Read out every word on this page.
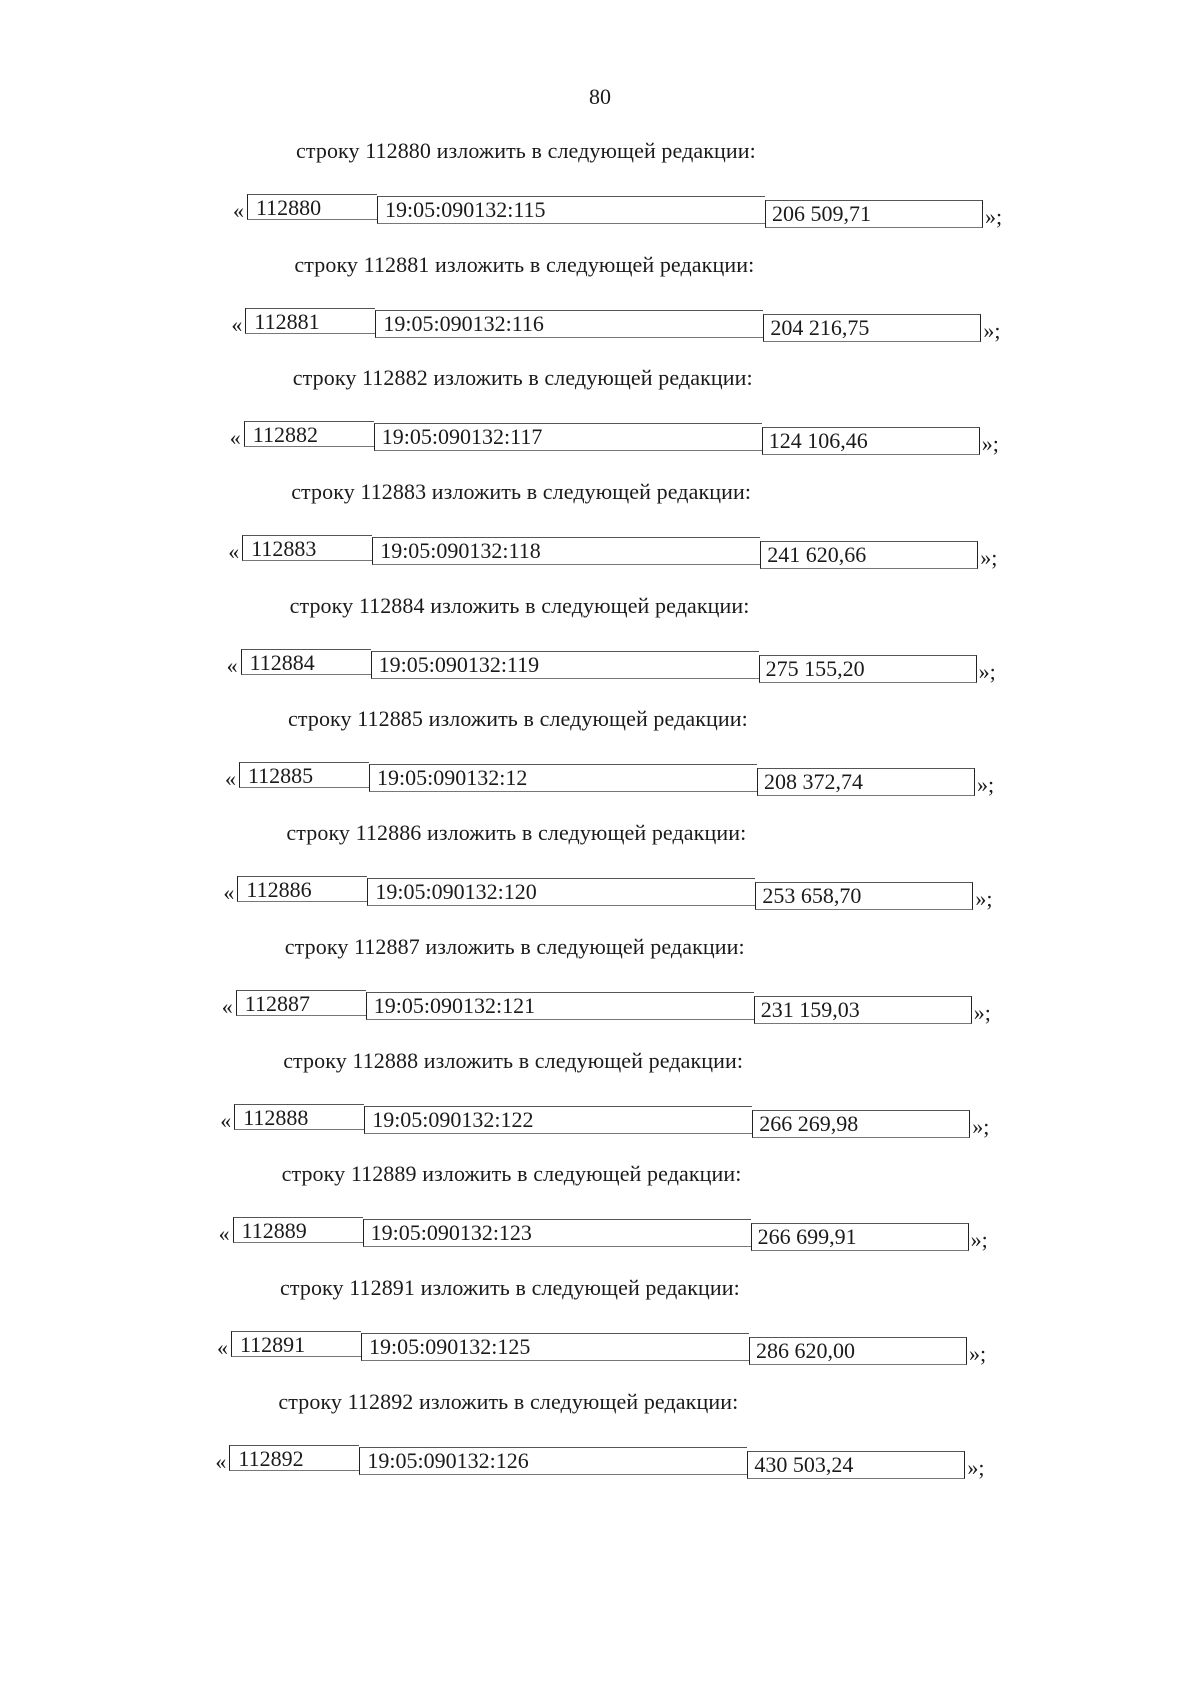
80
строку 112880 изложить в следующей редакции:
« 112880	19:05:090132:115	206 509,71	»;
строку 112881 изложить в следующей редакции:
« 112881	19:05:090132:116	204 216,75	»;
строку 112882 изложить в следующей редакции:
« 112882	19:05:090132:117	124 106,46	»;
строку 112883 изложить в следующей редакции:
« 112883	19:05:090132:118	241 620,66	»;
строку 112884 изложить в следующей редакции:
« 112884	19:05:090132:119	275 155,20	»;
строку 112885 изложить в следующей редакции:
« 112885	19:05:090132:12	208 372,74	»;
строку 112886 изложить в следующей редакции:
« 112886	19:05:090132:120	253 658,70	»;
строку 112887 изложить в следующей редакции:
« 112887	19:05:090132:121	231 159,03	»;
строку 112888 изложить в следующей редакции:
« 112888	19:05:090132:122	266 269,98	»;
строку 112889 изложить в следующей редакции:
« 112889	19:05:090132:123	266 699,91	»;
строку 112891 изложить в следующей редакции:
« 112891	19:05:090132:125	286 620,00	»;
строку 112892 изложить в следующей редакции:
« 112892	19:05:090132:126	430 503,24	»;
